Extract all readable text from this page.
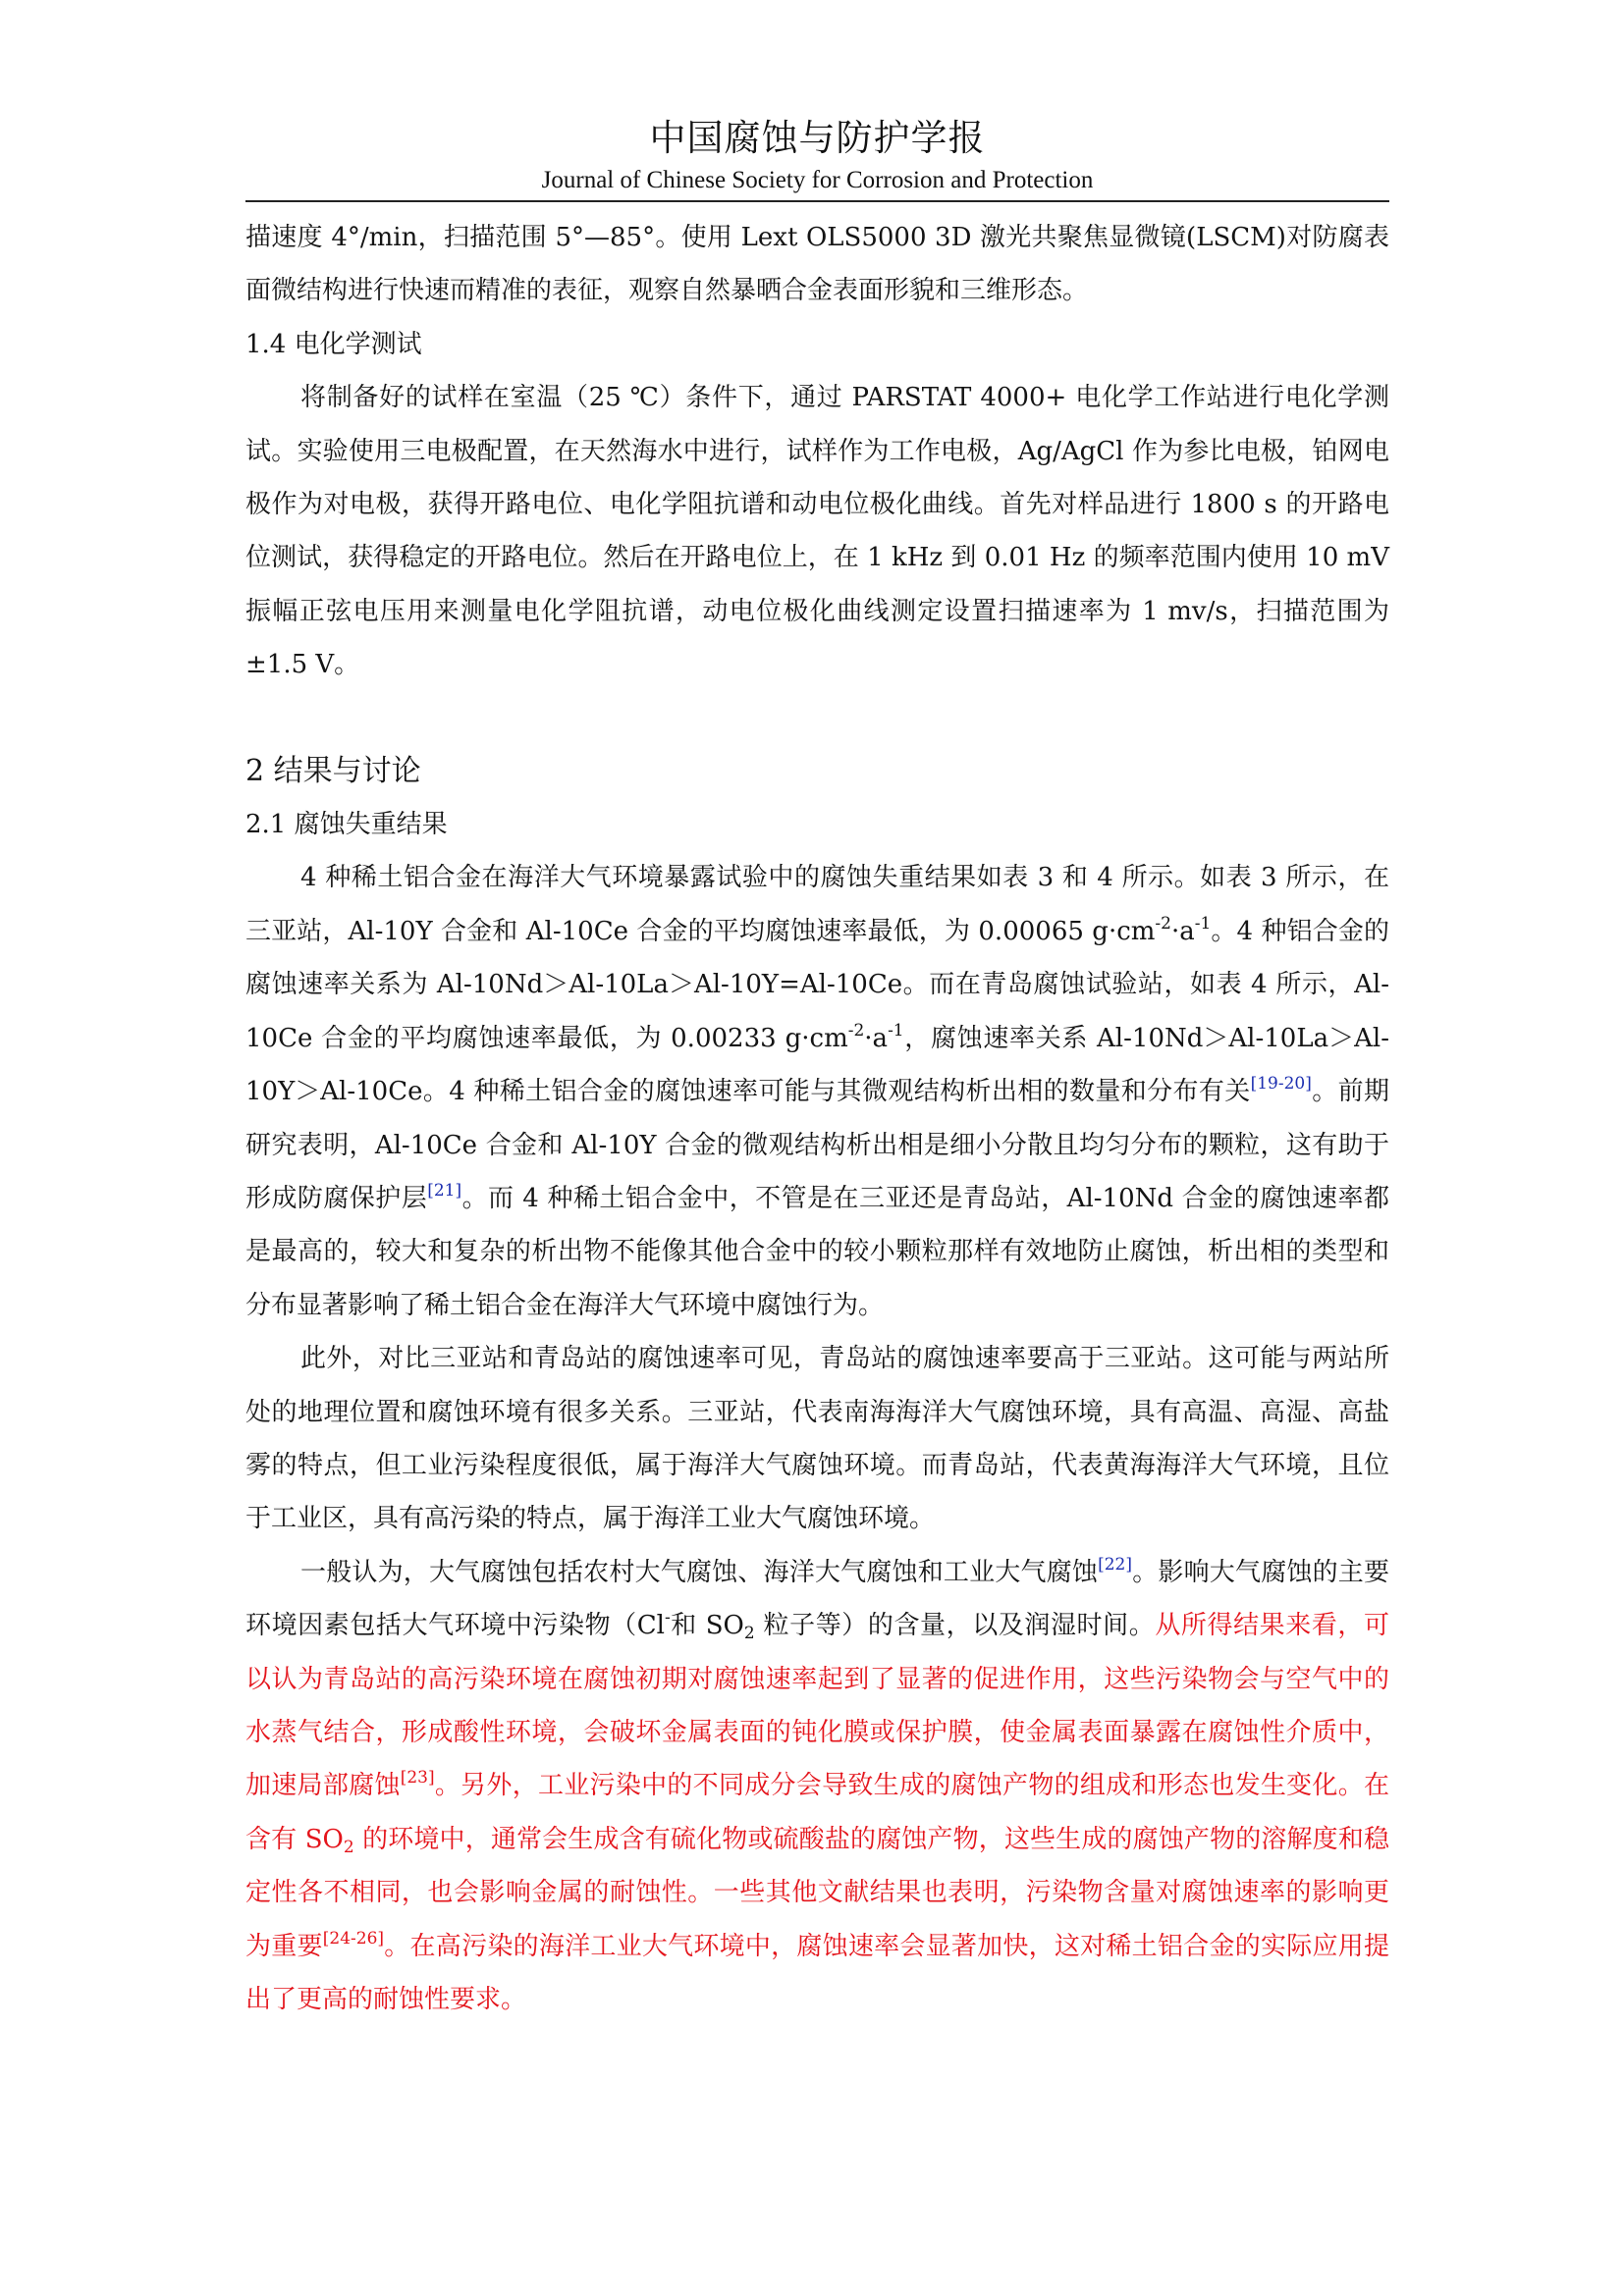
中国腐蚀与防护学报
Journal of Chinese Society for Corrosion and Protection

描速度 4°/min，扫描范围 5°—85°。使用 Lext OLS5000 3D 激光共聚焦显微镜(LSCM)对防腐表面微结构进行快速而精准的表征，观察自然暴晒合金表面形貌和三维形态。

1.4 电化学测试

将制备好的试样在室温（25 ℃）条件下，通过 PARSTAT 4000+ 电化学工作站进行电化学测试。实验使用三电极配置，在天然海水中进行，试样作为工作电极，Ag/AgCl 作为参比电极，铂网电极作为对电极，获得开路电位、电化学阻抗谱和动电位极化曲线。首先对样品进行 1800 s 的开路电位测试，获得稳定的开路电位。然后在开路电位上，在 1 kHz 到 0.01 Hz 的频率范围内使用 10 mV 振幅正弦电压用来测量电化学阻抗谱，动电位极化曲线测定设置扫描速率为 1 mv/s，扫描范围为±1.5 V。

2 结果与讨论

2.1 腐蚀失重结果

4 种稀土铝合金在海洋大气环境暴露试验中的腐蚀失重结果如表 3 和 4 所示。如表 3 所示，在三亚站，Al-10Y 合金和 Al-10Ce 合金的平均腐蚀速率最低，为 0.00065 $g\cdot cm^{-2}\cdot a^{-1}$。4 种铝合金的腐蚀速率关系为 Al-10Nd＞Al-10La＞Al-10Y=Al-10Ce。而在青岛腐蚀试验站，如表 4 所示，Al-10Ce 合金的平均腐蚀速率最低，为 0.00233 $g\cdot cm^{-2}\cdot a^{-1}$，腐蚀速率关系 Al-10Nd＞Al-10La＞Al-10Y＞Al-10Ce。4 种稀土铝合金的腐蚀速率可能与其微观结构析出相的数量和分布有关[19-20]。前期研究表明，Al-10Ce 合金和 Al-10Y 合金的微观结构析出相是细小分散且均匀分布的颗粒，这有助于形成防腐保护层[21]。而 4 种稀土铝合金中，不管是在三亚还是青岛站，Al-10Nd 合金的腐蚀速率都是最高的，较大和复杂的析出物不能像其他合金中的较小颗粒那样有效地防止腐蚀，析出相的类型和分布显著影响了稀土铝合金在海洋大气环境中腐蚀行为。

此外，对比三亚站和青岛站的腐蚀速率可见，青岛站的腐蚀速率要高于三亚站。这可能与两站所处的地理位置和腐蚀环境有很多关系。三亚站，代表南海海洋大气腐蚀环境，具有高温、高湿、高盐雾的特点，但工业污染程度很低，属于海洋大气腐蚀环境。而青岛站，代表黄海海洋大气环境，且位于工业区，具有高污染的特点，属于海洋工业大气腐蚀环境。

一般认为，大气腐蚀包括农村大气腐蚀、海洋大气腐蚀和工业大气腐蚀[22]。影响大气腐蚀的主要环境因素包括大气环境中污染物（Cl-和 $SO_2$ 粒子等）的含量，以及润湿时间。从所得结果来看，可以认为青岛站的高污染环境在腐蚀初期对腐蚀速率起到了显著的促进作用，这些污染物会与空气中的水蒸气结合，形成酸性环境，会破坏金属表面的钝化膜或保护膜，使金属表面暴露在腐蚀性介质中，加速局部腐蚀[23]。另外，工业污染中的不同成分会导致生成的腐蚀产物的组成和形态也发生变化。在含有 $SO_2$ 的环境中，通常会生成含有硫化物或硫酸盐的腐蚀产物，这些生成的腐蚀产物的溶解度和稳定性各不相同，也会影响金属的耐蚀性。一些其他文献结果也表明，污染物含量对腐蚀速率的影响更为重要[24-26]。在高污染的海洋工业大气环境中，腐蚀速率会显著加快，这对稀土铝合金的实际应用提出了更高的耐蚀性要求。
